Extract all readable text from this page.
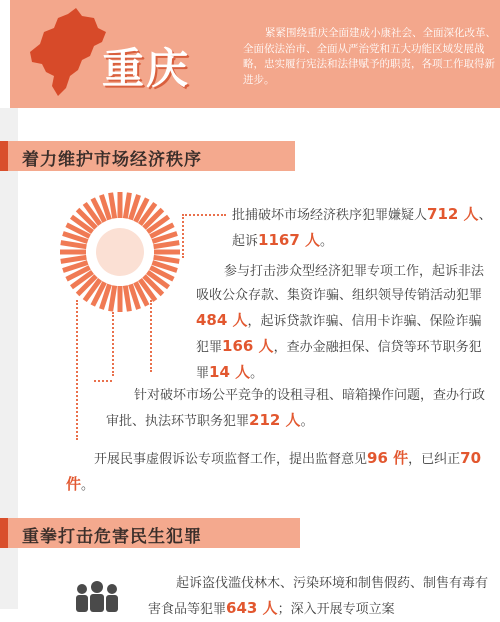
重庆
紧紧围绕重庆全面建成小康社会、全面深化改革、全面依法治市、全面从严治党和五大功能区域发展战略，忠实履行宪法和法律赋予的职责，各项工作取得新进步。
着力维护市场经济秩序
批捕破坏市场经济秩序犯罪嫌疑人712 人、起诉1167 人。
参与打击涉众型经济犯罪专项工作，起诉非法吸收公众存款、集资诈骗、组织领导传销活动犯罪484 人，起诉贷款诈骗、信用卡诈骗、保险诈骗犯罪166 人，查办金融担保、信贷等环节职务犯罪14 人。
针对破坏市场公平竞争的设租寻租、暗箱操作问题，查办行政审批、执法环节职务犯罪212 人。
开展民事虚假诉讼专项监督工作，提出监督意见96 件，已纠正70 件。
重拳打击危害民生犯罪
起诉盗伐滥伐林木、污染环境和制售假药、制售有毒有害食品等犯罪643 人；深入开展专项立案
